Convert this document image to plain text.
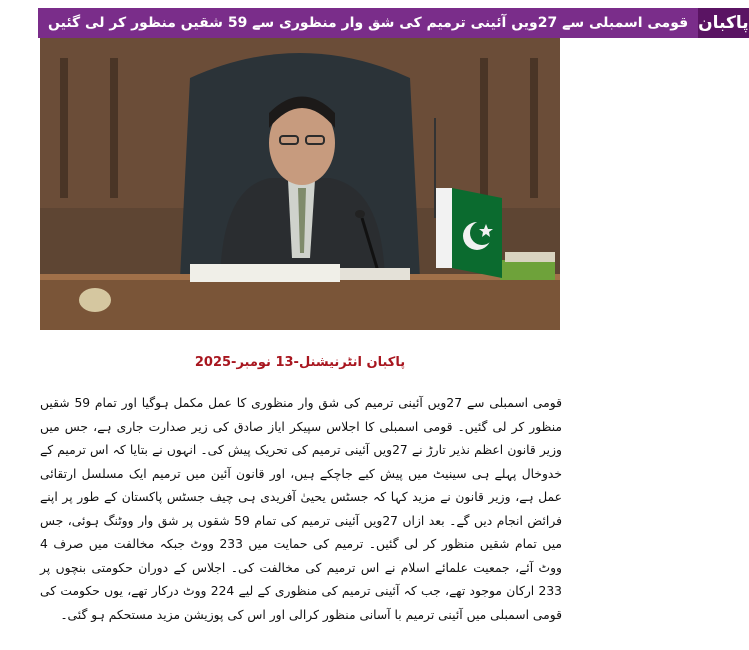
قومی اسمبلی سے 27ویں آئینی ترمیم کی شق وار منظوری سے 59 شقیں منظور کر لی گئیں پاکبان
پاکبان انٹرنیشنل-13 نومبر-2025
قومی اسمبلی سے 27ویں آئینی ترمیم کی شق وار منظوری کا عمل مکمل ہوگیا اور تمام 59 شقیں منظور کر لی گئیں۔ قومی اسمبلی کا اجلاس سپیکر ایاز صادق کی زیر صدارت جاری ہے، جس میں وزیر قانون اعظم نذیر تارڑ نے 27ویں آئینی ترمیم کی تحریک پیش کی۔ انہوں نے بتایا کہ اس ترمیم کے خدوخال پہلے ہی سینیٹ میں پیش کیے جاچکے ہیں، اور قانون آئین میں ترمیم ایک مسلسل ارتقائی عمل ہے، وزیر قانون نے مزید کہا کہ جسٹس یحییٰ آفریدی ہی چیف جسٹس پاکستان کے طور پر اپنے فرائض انجام دیں گے۔ بعد ازاں 27ویں آئینی ترمیم کی تمام 59 شقوں پر شق وار ووٹنگ ہوئی، جس میں تمام شقیں منظور کر لی گئیں۔ ترمیم کی حمایت میں 233 ووٹ جبکہ مخالفت میں صرف 4 ووٹ آئے، جمعیت علمائے اسلام نے اس ترمیم کی مخالفت کی۔ اجلاس کے دوران حکومتی بنچوں پر 233 ارکان موجود تھے، جب کہ آئینی ترمیم کی منظوری کے لیے 224 ووٹ درکار تھے، یوں حکومت کی قومی اسمبلی میں آئینی ترمیم با آسانی منظور کرالی اور اس کی پوزیشن مزید مستحکم ہو گئی۔
